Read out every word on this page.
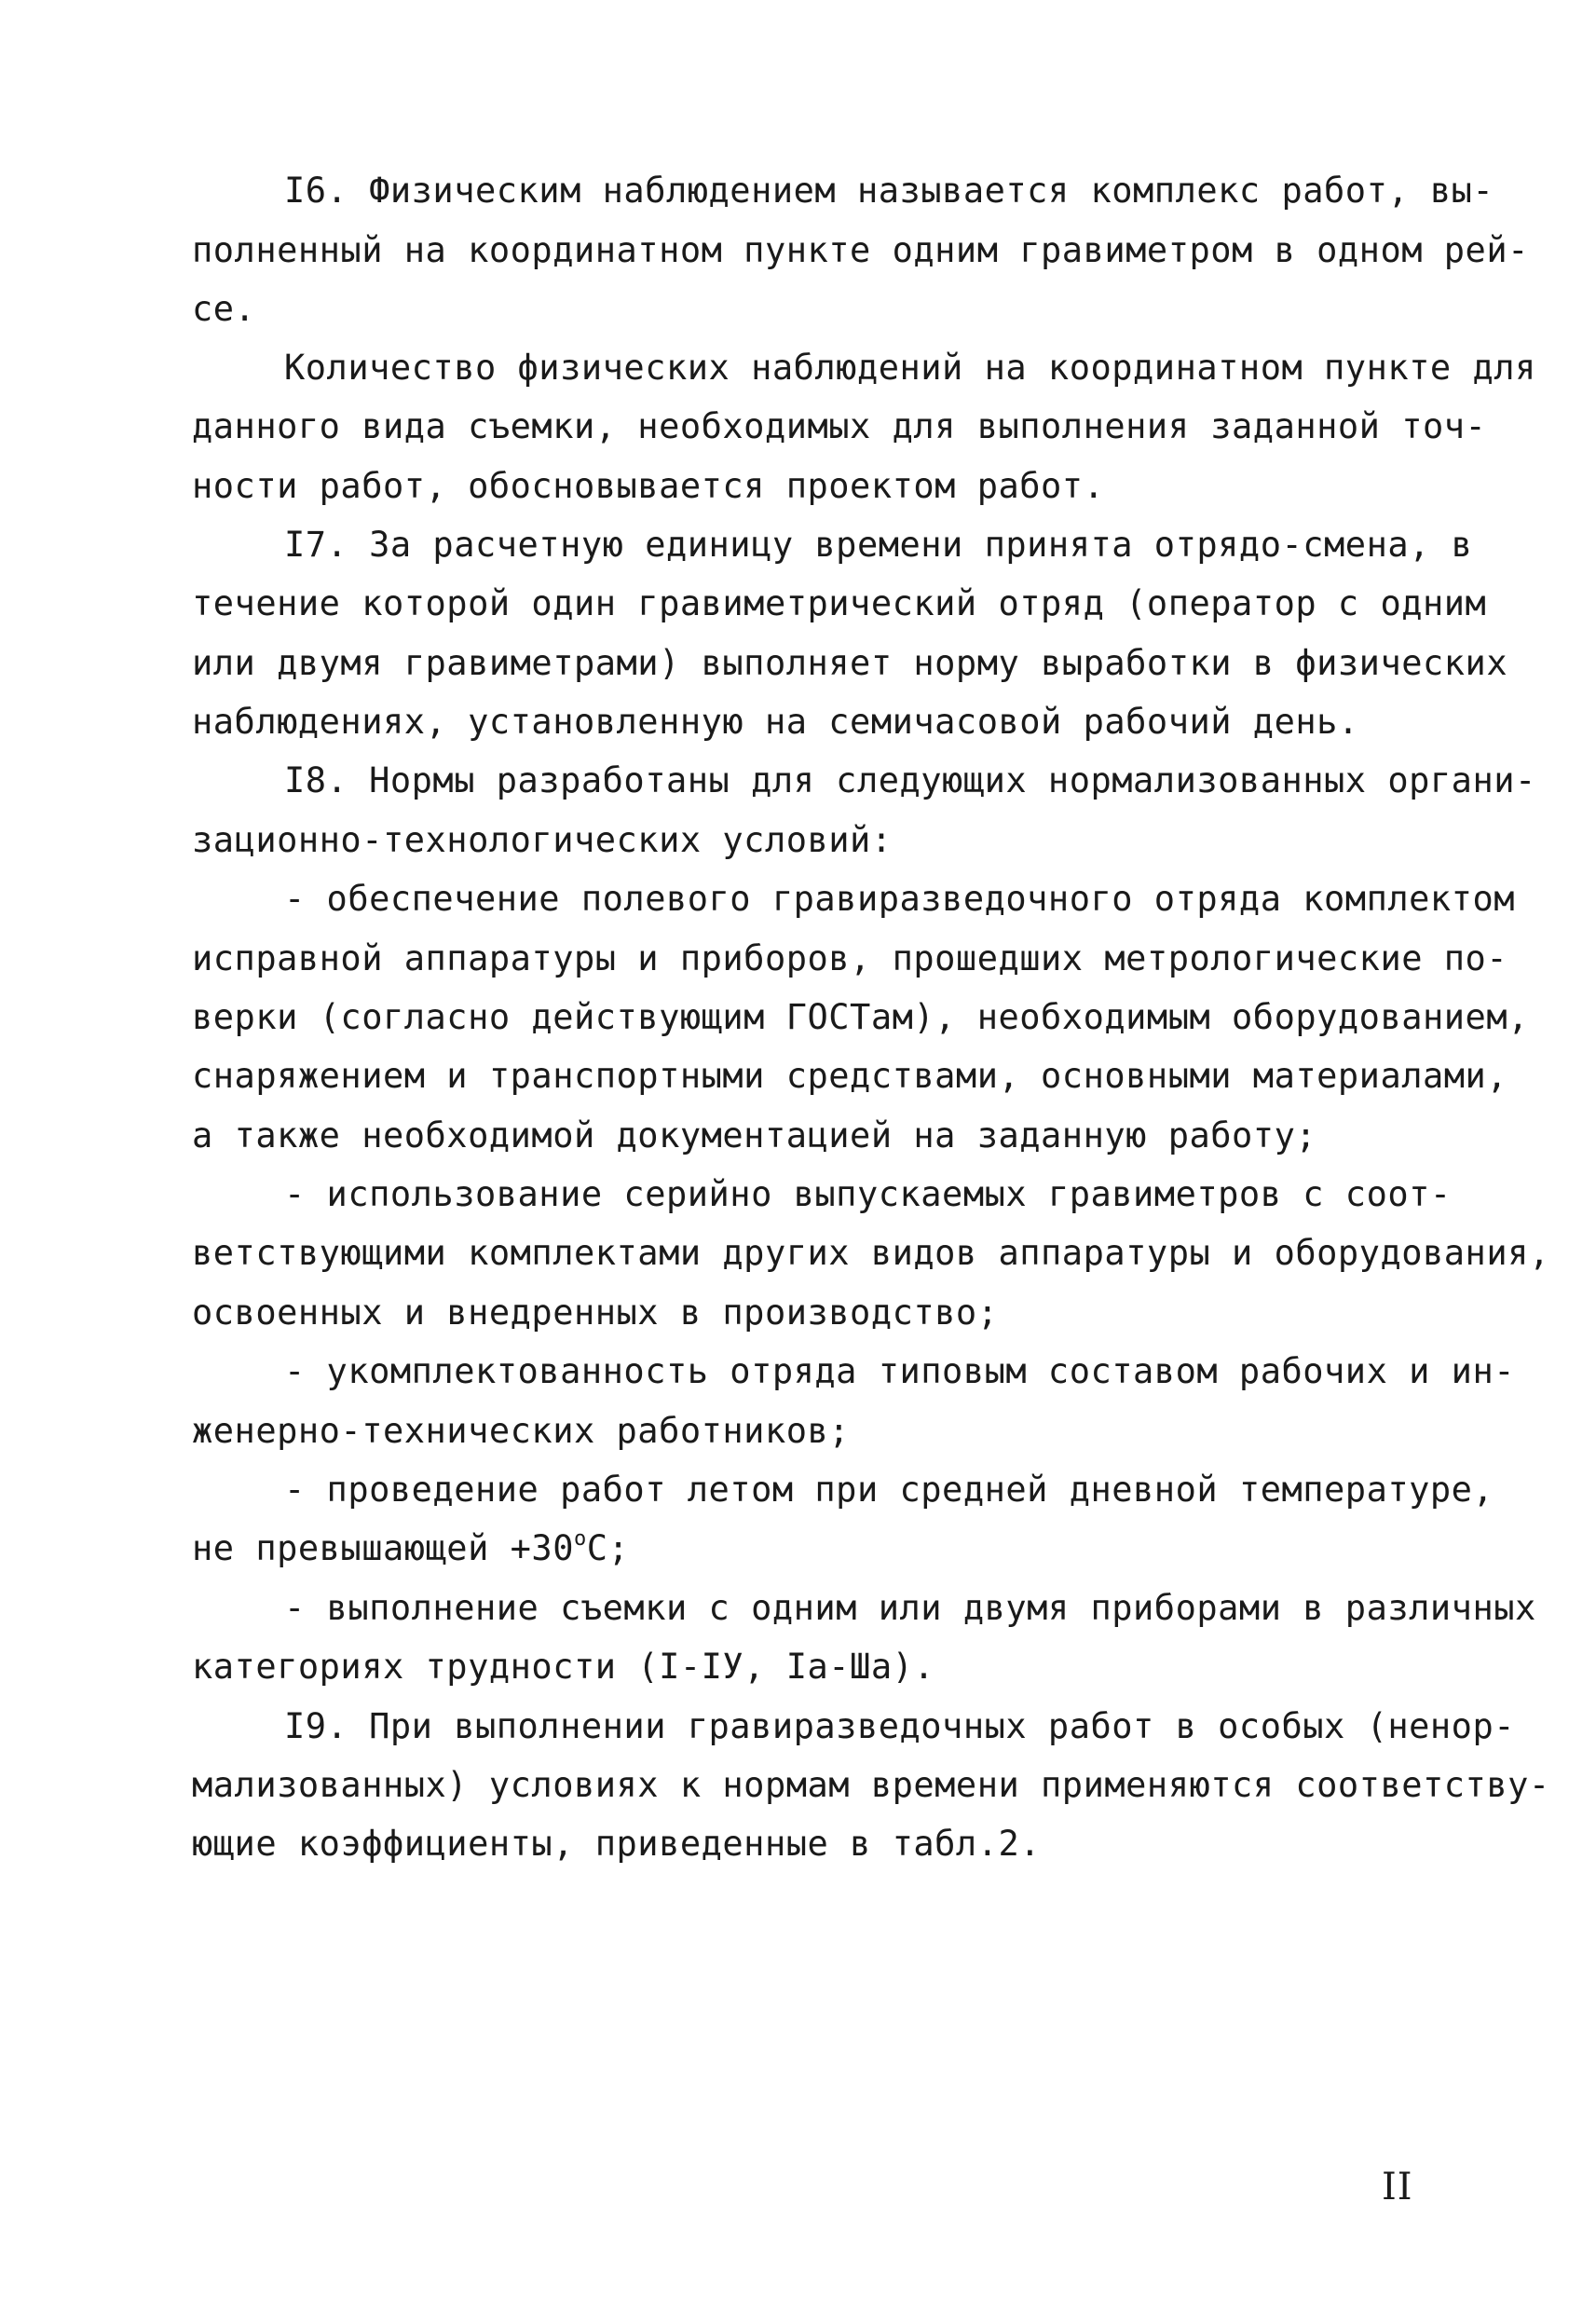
I6. Физическим наблюдением называется комплекс работ, вы-
полненный на координатном пункте одним гравиметром в одном рей-
се.
Количество физических наблюдений на координатном пункте для
данного вида съемки, необходимых для выполнения заданной точ-
ности работ, обосновывается проектом работ.
I7. За расчетную единицу времени принята отрядо-смена, в
течение которой один гравиметрический отряд (оператор с одним
или двумя гравиметрами) выполняет норму выработки в физических
наблюдениях, установленную на семичасовой рабочий день.
I8. Нормы разработаны для следующих нормализованных органи-
зационно-технологических условий:
- обеспечение полевого гравиразведочного отряда комплектом
исправной аппаратуры и приборов, прошедших метрологические по-
верки (согласно действующим ГОСТам), необходимым оборудованием,
снаряжением и транспортными средствами, основными материалами,
а также необходимой документацией на заданную работу;
- использование серийно выпускаемых гравиметров с соот-
ветствующими комплектами других видов аппаратуры и оборудования,
освоенных и внедренных в производство;
- укомплектованность отряда типовым составом рабочих и ин-
женерно-технических работников;
- проведение работ летом при средней дневной температуре,
не превышающей $+30^oC$;
- выполнение съемки с одним или двумя приборами в различных
категориях трудности (I-IУ, Iа-Шa).
I9. При выполнении гравиразведочных работ в особых (ненор-
мализованных) условиях к нормам времени применяются соответству-
ющие коэффициенты, приведенные в табл.2.
II
